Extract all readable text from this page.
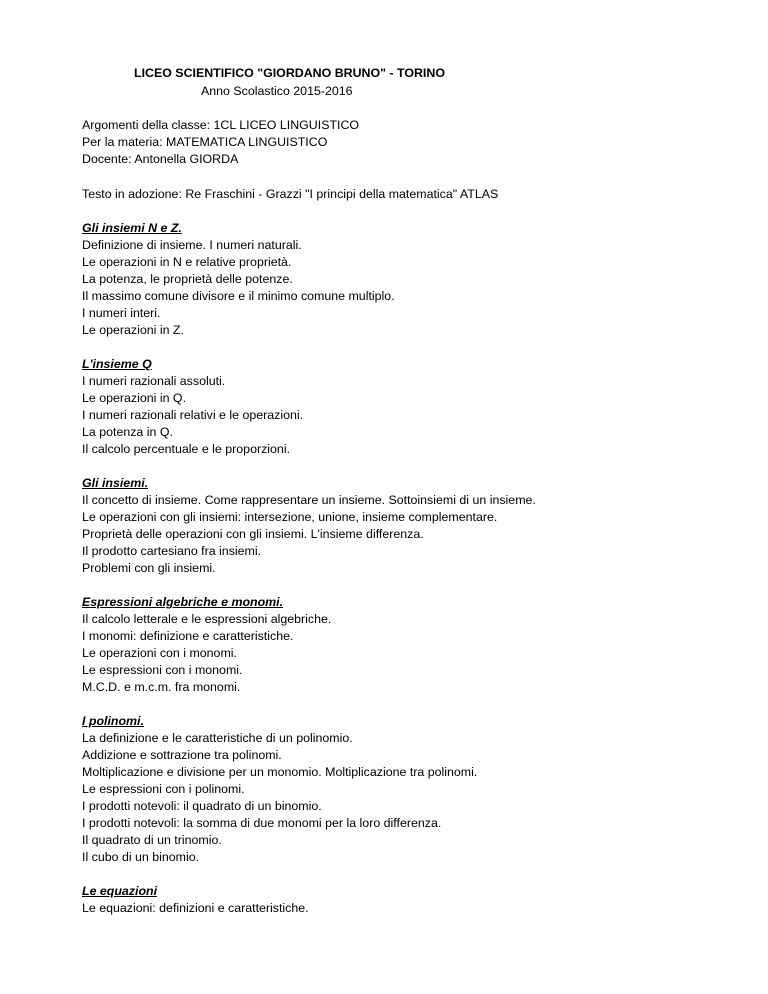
LICEO SCIENTIFICO "GIORDANO BRUNO" - TORINO
Anno Scolastico 2015-2016
Argomenti della classe: 1CL LICEO LINGUISTICO
Per la materia: MATEMATICA LINGUISTICO
Docente: Antonella GIORDA
Testo in adozione: Re Fraschini - Grazzi "I principi della matematica" ATLAS
Gli insiemi N e Z.
Definizione di insieme. I numeri naturali.
Le operazioni in N e relative proprietà.
La potenza, le proprietà delle potenze.
Il massimo comune divisore e il minimo comune multiplo.
I numeri interi.
Le operazioni in Z.
L'insieme Q
I numeri razionali assoluti.
Le operazioni in Q.
I numeri razionali relativi e le operazioni.
La potenza in Q.
Il calcolo percentuale e le proporzioni.
Gli insiemi.
Il concetto di insieme. Come rappresentare un insieme. Sottoinsiemi di un insieme.
Le operazioni con gli insiemi: intersezione, unione, insieme complementare.
Proprietà delle operazioni con gli insiemi. L'insieme differenza.
Il prodotto cartesiano fra insiemi.
Problemi con gli insiemi.
Espressioni algebriche e monomi.
Il calcolo letterale e le espressioni algebriche.
I monomi: definizione e caratteristiche.
Le operazioni con i monomi.
Le espressioni con i monomi.
M.C.D. e m.c.m. fra monomi.
I polinomi.
La definizione e le caratteristiche di un polinomio.
Addizione e sottrazione tra polinomi.
Moltiplicazione e divisione per un monomio. Moltiplicazione tra polinomi.
Le espressioni con i polinomi.
I prodotti notevoli: il quadrato di un binomio.
I prodotti notevoli: la somma di due monomi per la loro differenza.
Il quadrato di un trinomio.
Il cubo di un binomio.
Le equazioni
Le equazioni: definizioni e caratteristiche.
